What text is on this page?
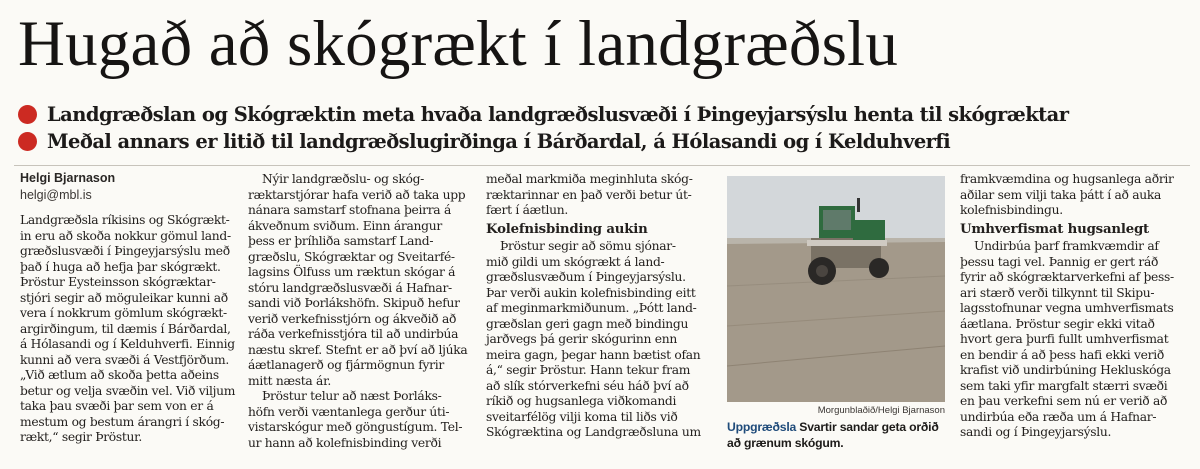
Hugað að skógrækt í landgræðslu
Landgræðslan og Skógræktin meta hvaða landgræðslusvæði í Þingeyjarsýslu henta til skógræktar
Meðal annars er litið til landgræðslugirðinga í Bárðardal, á Hólasandi og í Kelduhverfi
Helgi Bjarnason
helgi@mbl.is
Landgræðsla ríkisins og Skógrækt-
in eru að skoða nokkur gömul land-
græðslusvæði í Þingeyjarsýslu með
það í huga að hefja þar skógrækt.
Þröstur Eysteinsson skógræktar-
stjóri segir að möguleikar kunni að
vera í nokkrum gömlum skógrækt-
argirðingum, til dæmis í Bárðardal,
á Hólasandi og í Kelduhverfi. Einnig
kunni að vera svæði á Vestfjörðum.
„Við ætlum að skoða þetta aðeins
betur og velja svæðin vel. Við viljum
taka þau svæði þar sem von er á
mestum og bestum árangri í skóg-
rækt,“ segir Þröstur.
Nýir landgræðslu- og skóg-
ræktarstjórar hafa verið að taka upp
nánara samstarf stofnana þeirra á
ákveðnum sviðum. Einn árangur
þess er þríhliða samstarf Land-
græðslu, Skógræktar og Sveitarfé-
lagsins Ölfuss um ræktun skógar á
stóru landgræðslusvæði á Hafnar-
sandi við Þorlákshöfn. Skipuð hefur
verið verkefnisstjórn og ákveðið að
ráða verkefnisstjóra til að undirbúa
næstu skref. Stefnt er að því að ljúka
áætlanagerð og fjármögnun fyrir
mitt næsta ár.
Þröstur telur að næst Þorláks-
höfn verði væntanlega gerður úti-
vistarskógur með göngustígum. Tel-
ur hann að kolefnisbinding verði
meðal markmiða meginhluta skóg-
ræktarinnar en það verði betur út-
fært í áætlun.
Kolefnisbinding aukin
Þröstur segir að sömu sjónar-
mið gildi um skógrækt á land-
græðslusvæðum í Þingeyjarsýslu.
Þar verði aukin kolefnisbinding eitt
af meginmarkmiðunum. „Þótt land-
græðslan geri gagn með bindingu
jarðvegs þá gerir skógurinn enn
meira gagn, þegar hann bætist ofan
á,“ segir Þröstur. Hann tekur fram
að slík stórverkefni séu háð því að
ríkið og hugsanlega viðkomandi
sveitarfélög vilji koma til liðs við
Skógræktina og Landgræðsluna um
Morgunblaðið/Helgi Bjarnason
Uppgræðsla Svartir sandar geta orðið að grænum skógum.
framkvæmdina og hugsanlega aðrir
aðilar sem vilji taka þátt í að auka
kolefnisbindingu.
Umhverfismat hugsanlegt
Undirbúa þarf framkvæmdir af
þessu tagi vel. Þannig er gert ráð
fyrir að skógræktarverkefni af þess-
ari stærð verði tilkynnt til Skipu-
lagsstofnunar vegna umhverfismats
áætlana. Þröstur segir ekki vitað
hvort gera þurfi fullt umhverfismat
en bendir á að þess hafi ekki verið
krafist við undirbúning Hekluskóga
sem taki yfir margfalt stærri svæði
en þau verkefni sem nú er verið að
undirbúa eða ræða um á Hafnar-
sandi og í Þingeyjarsýslu.
